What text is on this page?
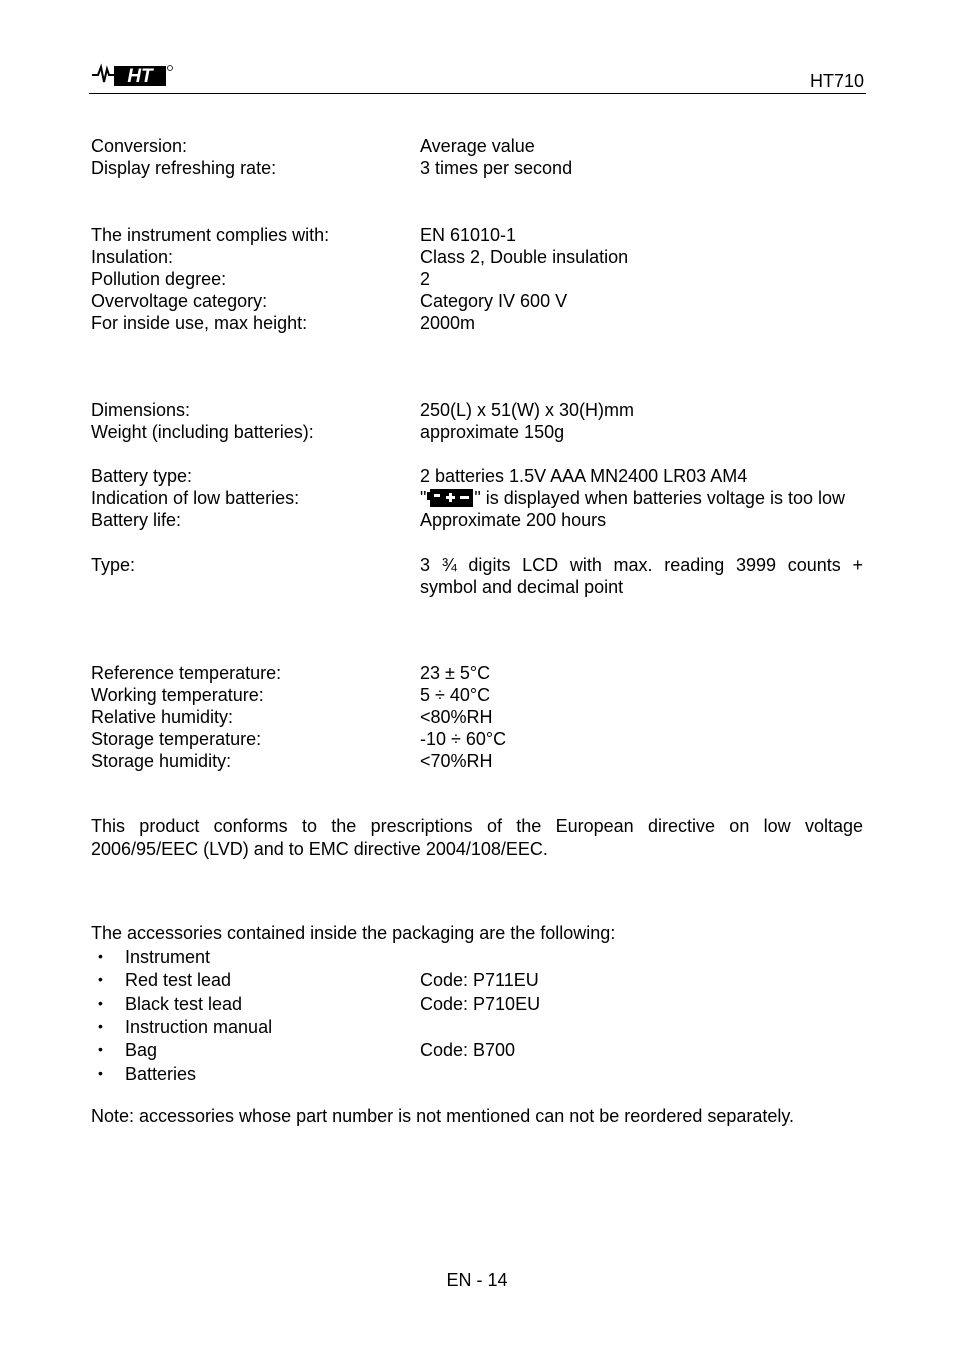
HT	HT710
Conversion:	Average value
Display refreshing rate:	3 times per second
The instrument complies with:	EN 61010-1
Insulation:	Class 2, Double insulation
Pollution degree:	2
Overvoltage category:	Category IV 600 V
For inside use, max height:	2000m
Dimensions:	250(L) x 51(W) x 30(H)mm
Weight (including batteries):	approximate 150g
Battery type:	2 batteries 1.5V AAA MN2400 LR03 AM4
Indication of low batteries:	"	" is displayed when batteries voltage is too low
Battery life:	Approximate 200 hours
Type:	3 ¾ digits LCD with max. reading 3999 counts + symbol and decimal point
Reference temperature:	23 ± 5°C
Working temperature:	5 ÷ 40°C
Relative humidity:	<80%RH
Storage temperature:	-10 ÷ 60°C
Storage humidity:	<70%RH
This product conforms to the prescriptions of the European directive on low voltage 2006/95/EEC (LVD) and to EMC directive 2004/108/EEC.
The accessories contained inside the packaging are the following:
• Instrument
• Red test lead	Code: P711EU
• Black test lead	Code: P710EU
• Instruction manual
• Bag	Code: B700
• Batteries
Note: accessories whose part number is not mentioned can not be reordered separately.
EN - 14
